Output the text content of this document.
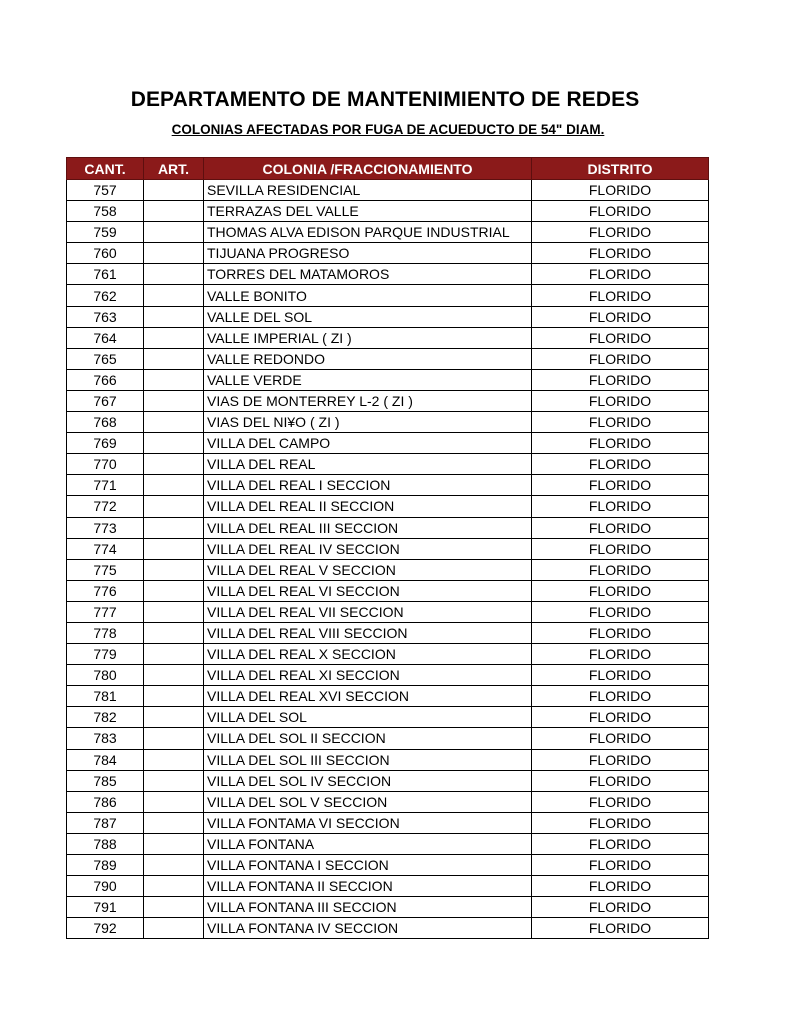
DEPARTAMENTO DE MANTENIMIENTO DE REDES
COLONIAS AFECTADAS POR FUGA DE ACUEDUCTO DE 54" DIAM.
CANT.	ART.	COLONIA /FRACCIONAMIENTO	DISTRITO
757		SEVILLA RESIDENCIAL	FLORIDO
758		TERRAZAS DEL VALLE	FLORIDO
759		THOMAS ALVA EDISON PARQUE INDUSTRIAL	FLORIDO
760		TIJUANA PROGRESO	FLORIDO
761		TORRES DEL MATAMOROS	FLORIDO
762		VALLE BONITO	FLORIDO
763		VALLE DEL SOL	FLORIDO
764		VALLE IMPERIAL ( ZI )	FLORIDO
765		VALLE REDONDO	FLORIDO
766		VALLE VERDE	FLORIDO
767		VIAS DE MONTERREY L-2 ( ZI )	FLORIDO
768		VIAS DEL NI¥O ( ZI )	FLORIDO
769		VILLA DEL CAMPO	FLORIDO
770		VILLA DEL REAL	FLORIDO
771		VILLA DEL REAL I SECCION	FLORIDO
772		VILLA DEL REAL II SECCION	FLORIDO
773		VILLA DEL REAL III SECCION	FLORIDO
774		VILLA DEL REAL IV SECCION	FLORIDO
775		VILLA DEL REAL V SECCION	FLORIDO
776		VILLA DEL REAL VI SECCION	FLORIDO
777		VILLA DEL REAL VII SECCION	FLORIDO
778		VILLA DEL REAL VIII SECCION	FLORIDO
779		VILLA DEL REAL X SECCION	FLORIDO
780		VILLA DEL REAL XI SECCION	FLORIDO
781		VILLA DEL REAL XVI SECCION	FLORIDO
782		VILLA DEL SOL	FLORIDO
783		VILLA DEL SOL II SECCION	FLORIDO
784		VILLA DEL SOL III SECCION	FLORIDO
785		VILLA DEL SOL IV SECCION	FLORIDO
786		VILLA DEL SOL V SECCION	FLORIDO
787		VILLA FONTAMA VI SECCION	FLORIDO
788		VILLA FONTANA	FLORIDO
789		VILLA FONTANA I SECCION	FLORIDO
790		VILLA FONTANA II SECCION	FLORIDO
791		VILLA FONTANA III SECCION	FLORIDO
792		VILLA FONTANA IV SECCION	FLORIDO
